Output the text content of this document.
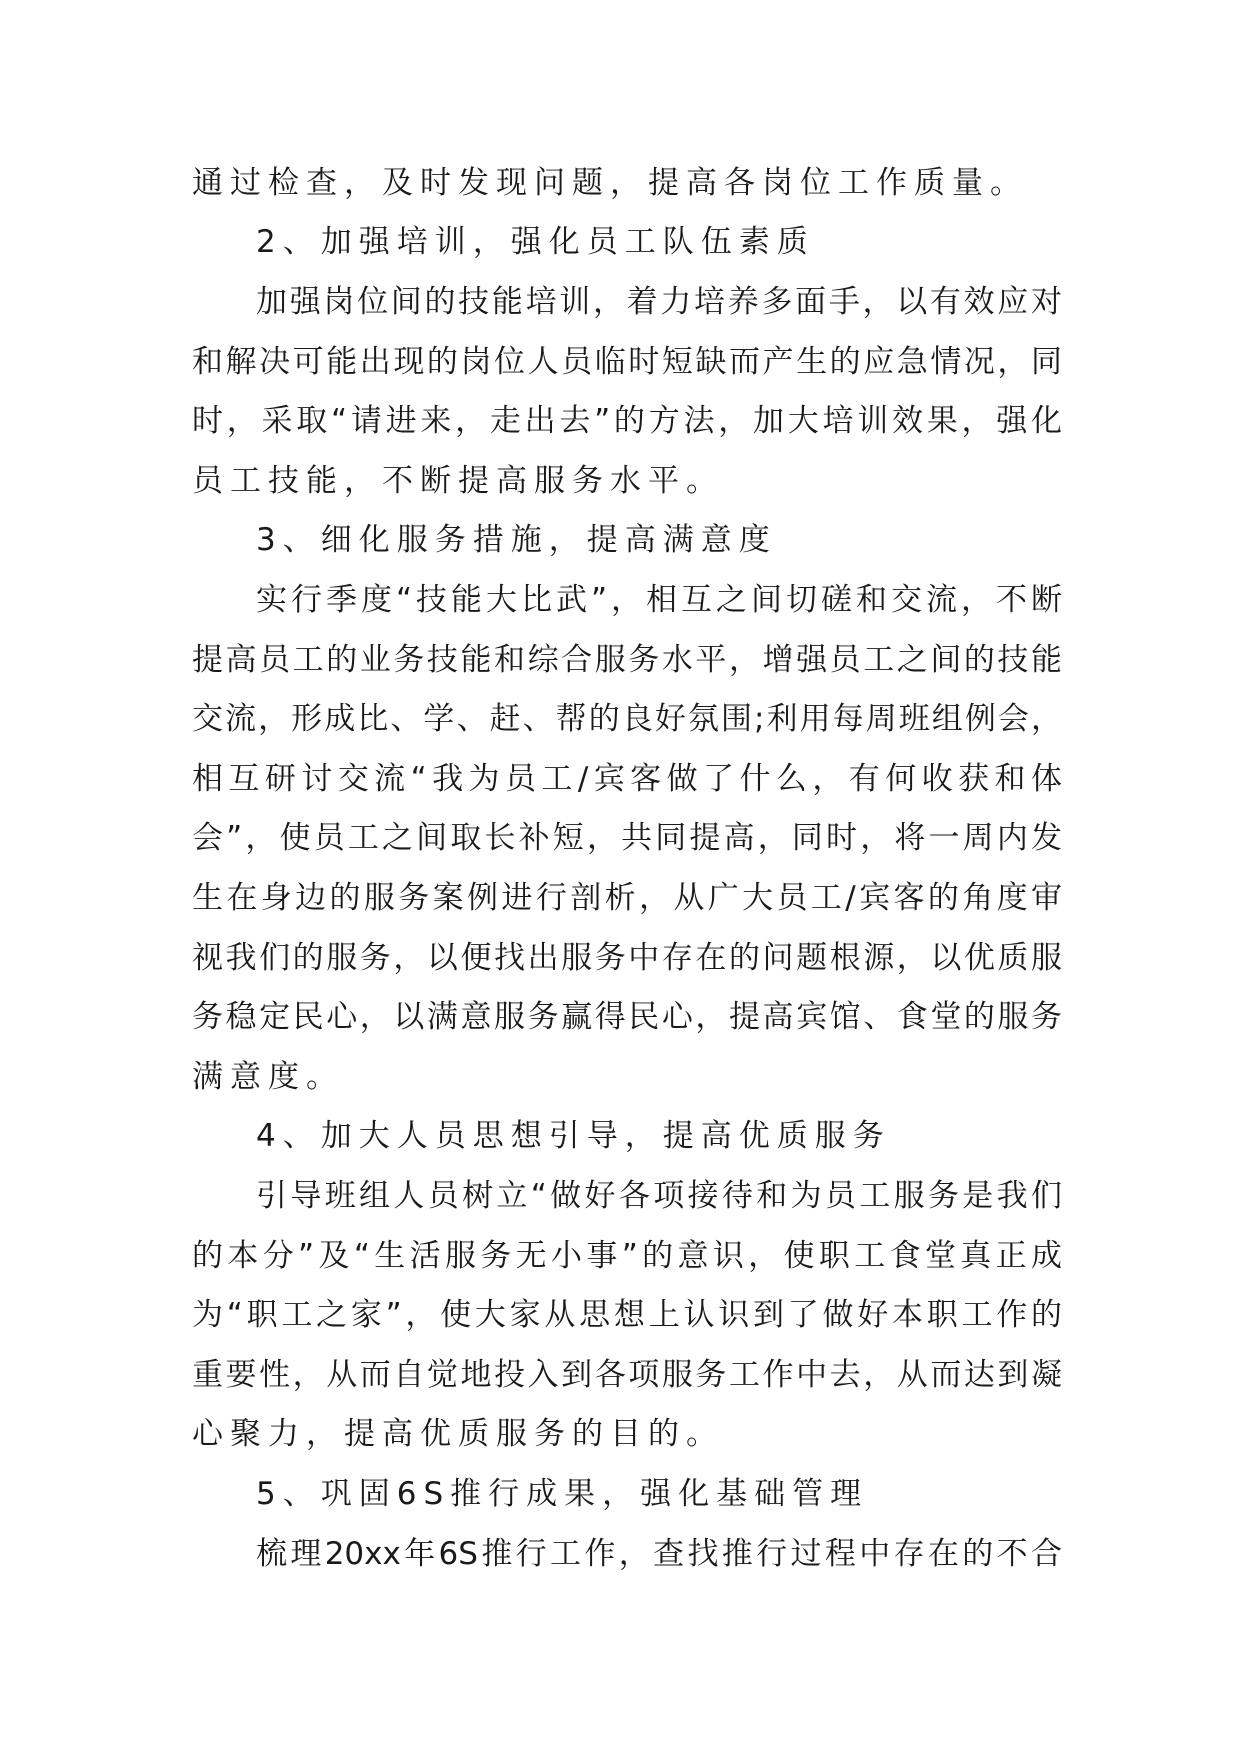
通过检查，及时发现问题，提高各岗位工作质量。
2、加强培训，强化员工队伍素质
加强岗位间的技能培训，着力培养多面手，以有效应对
和解决可能出现的岗位人员临时短缺而产生的应急情况，同
时，采取“请进来，走出去”的方法，加大培训效果，强化
员工技能，不断提高服务水平。
3、细化服务措施，提高满意度
实行季度“技能大比武”，相互之间切磋和交流，不断
提高员工的业务技能和综合服务水平，增强员工之间的技能
交流，形成比、学、赶、帮的良好氛围;利用每周班组例会，
相互研讨交流“我为员工/宾客做了什么，有何收获和体
会”，使员工之间取长补短，共同提高，同时，将一周内发
生在身边的服务案例进行剖析，从广大员工/宾客的角度审
视我们的服务，以便找出服务中存在的问题根源，以优质服
务稳定民心，以满意服务赢得民心，提高宾馆、食堂的服务
满意度。
4、加大人员思想引导，提高优质服务
引导班组人员树立“做好各项接待和为员工服务是我们
的本分”及“生活服务无小事”的意识，使职工食堂真正成
为“职工之家”，使大家从思想上认识到了做好本职工作的
重要性，从而自觉地投入到各项服务工作中去，从而达到凝
心聚力，提高优质服务的目的。
5、巩固6S推行成果，强化基础管理
梳理20xx年6S推行工作，查找推行过程中存在的不合
